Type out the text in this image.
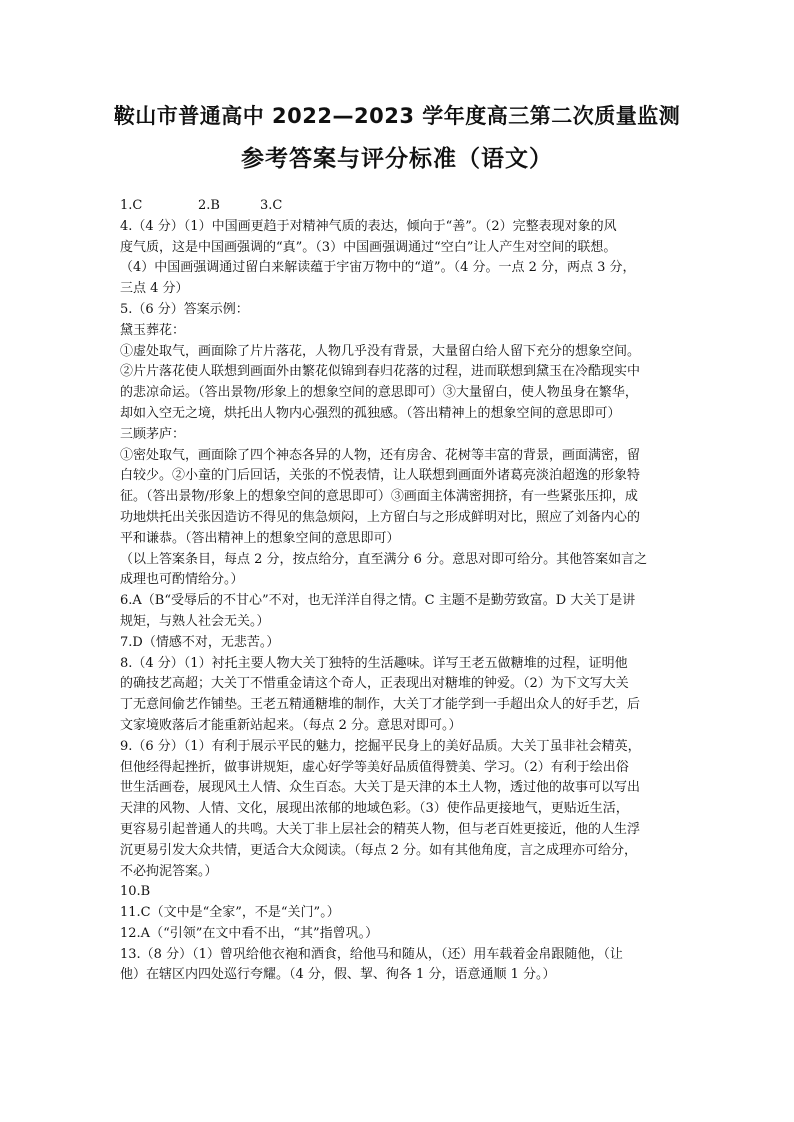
鞍山市普通高中 2022—2023 学年度高三第二次质量监测
参考答案与评分标准（语文）

1.C	2.B	3.C

4.（4 分）（1）中国画更趋于对精神气质的表达，倾向于“善”。（2）完整表现对象的风

度气质，这是中国画强调的“真”。（3）中国画强调通过“空白”让人产生对空间的联想。

（4）中国画强调通过留白来解读蕴于宇宙万物中的“道”。（4 分。一点 2 分，两点 3 分，

三点 4 分）

5.（6 分）答案示例：

黛玉葬花：

①虚处取气，画面除了片片落花，人物几乎没有背景，大量留白给人留下充分的想象空间。

②片片落花使人联想到画面外由繁花似锦到春归花落的过程，进而联想到黛玉在冷酷现实中

的悲凉命运。（答出景物/形象上的想象空间的意思即可）③大量留白，使人物虽身在繁华，

却如入空无之境，烘托出人物内心强烈的孤独感。（答出精神上的想象空间的意思即可）

三顾茅庐：

①密处取气，画面除了四个神态各异的人物，还有房舍、花树等丰富的背景，画面满密，留

白较少。②小童的门后回话，关张的不悦表情，让人联想到画面外诸葛亮淡泊超逸的形象特

征。（答出景物/形象上的想象空间的意思即可）③画面主体满密拥挤，有一些紧张压抑，成

功地烘托出关张因造访不得见的焦急烦闷，上方留白与之形成鲜明对比，照应了刘备内心的

平和谦恭。（答出精神上的想象空间的意思即可）

（以上答案条目，每点 2 分，按点给分，直至满分 6 分。意思对即可给分。其他答案如言之

成理也可酌情给分。）

6.A（B“受辱后的不甘心”不对，也无洋洋自得之情。C 主题不是勤劳致富。D 大关丁是讲

规矩，与熟人社会无关。）

7.D（情感不对，无悲苦。）

8.（4 分）（1）衬托主要人物大关丁独特的生活趣味。详写王老五做糖堆的过程，证明他

的确技艺高超；大关丁不惜重金请这个奇人，正表现出对糖堆的钟爱。（2）为下文写大关

丁无意间偷艺作铺垫。王老五精通糖堆的制作，大关丁才能学到一手超出众人的好手艺，后

文家境败落后才能重新站起来。（每点 2 分。意思对即可。）

9.（6 分）（1）有利于展示平民的魅力，挖掘平民身上的美好品质。大关丁虽非社会精英，

但他经得起挫折，做事讲规矩，虚心好学等美好品质值得赞美、学习。（2）有利于绘出俗

世生活画卷，展现风土人情、众生百态。大关丁是天津的本土人物，透过他的故事可以写出

天津的风物、人情、文化，展现出浓郁的地域色彩。（3）使作品更接地气，更贴近生活，

更容易引起普通人的共鸣。大关丁非上层社会的精英人物，但与老百姓更接近，他的人生浮

沉更易引发大众共情，更适合大众阅读。（每点 2 分。如有其他角度，言之成理亦可给分，

不必拘泥答案。）

10.B

11.C（文中是“全家”，不是“关门”。）

12.A（“引领”在文中看不出，“其”指曾巩。）

13.（8 分）（1）曾巩给他衣袍和酒食，给他马和随从，（还）用车载着金帛跟随他，（让

他）在辖区内四处巡行夸耀。（4 分，假、挈、徇各 1 分，语意通顺 1 分。）
